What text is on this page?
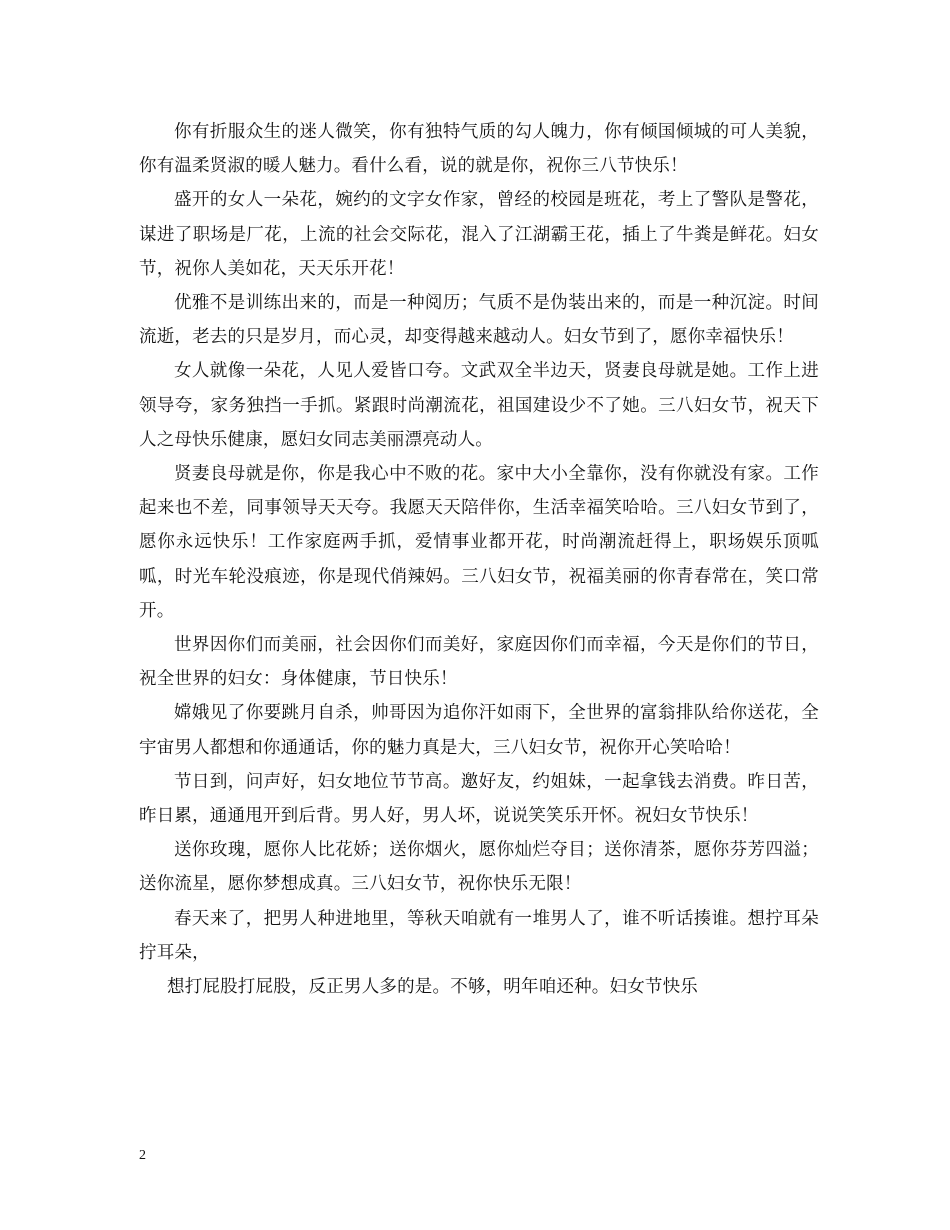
你有折服众生的迷人微笑，你有独特气质的勾人魄力，你有倾国倾城的可人美貌，你有温柔贤淑的暖人魅力。看什么看，说的就是你，祝你三八节快乐！

盛开的女人一朵花，婉约的文字女作家，曾经的校园是班花，考上了警队是警花，谋进了职场是厂花，上流的社会交际花，混入了江湖霸王花，插上了牛粪是鲜花。妇女节，祝你人美如花，天天乐开花！

优雅不是训练出来的，而是一种阅历；气质不是伪装出来的，而是一种沉淀。时间流逝，老去的只是岁月，而心灵，却变得越来越动人。妇女节到了，愿你幸福快乐！

女人就像一朵花，人见人爱皆口夸。文武双全半边天，贤妻良母就是她。工作上进领导夸，家务独挡一手抓。紧跟时尚潮流花，祖国建设少不了她。三八妇女节，祝天下人之母快乐健康，愿妇女同志美丽漂亮动人。

贤妻良母就是你，你是我心中不败的花。家中大小全靠你，没有你就没有家。工作起来也不差，同事领导天天夸。我愿天天陪伴你，生活幸福笑哈哈。三八妇女节到了，愿你永远快乐！工作家庭两手抓，爱情事业都开花，时尚潮流赶得上，职场娱乐顶呱呱，时光车轮没痕迹，你是现代俏辣妈。三八妇女节，祝福美丽的你青春常在，笑口常开。

世界因你们而美丽，社会因你们而美好，家庭因你们而幸福，今天是你们的节日，祝全世界的妇女：身体健康，节日快乐！

嫦娥见了你要跳月自杀，帅哥因为追你汗如雨下，全世界的富翁排队给你送花，全宇宙男人都想和你通通话，你的魅力真是大，三八妇女节，祝你开心笑哈哈！

节日到，问声好，妇女地位节节高。邀好友，约姐妹，一起拿钱去消费。昨日苦，昨日累，通通甩开到后背。男人好，男人坏，说说笑笑乐开怀。祝妇女节快乐！

送你玫瑰，愿你人比花娇；送你烟火，愿你灿烂夺目；送你清茶，愿你芬芳四溢；送你流星，愿你梦想成真。三八妇女节，祝你快乐无限！

春天来了，把男人种进地里，等秋天咱就有一堆男人了，谁不听话揍谁。想拧耳朵拧耳朵，

想打屁股打屁股，反正男人多的是。不够，明年咱还种。妇女节快乐

2
